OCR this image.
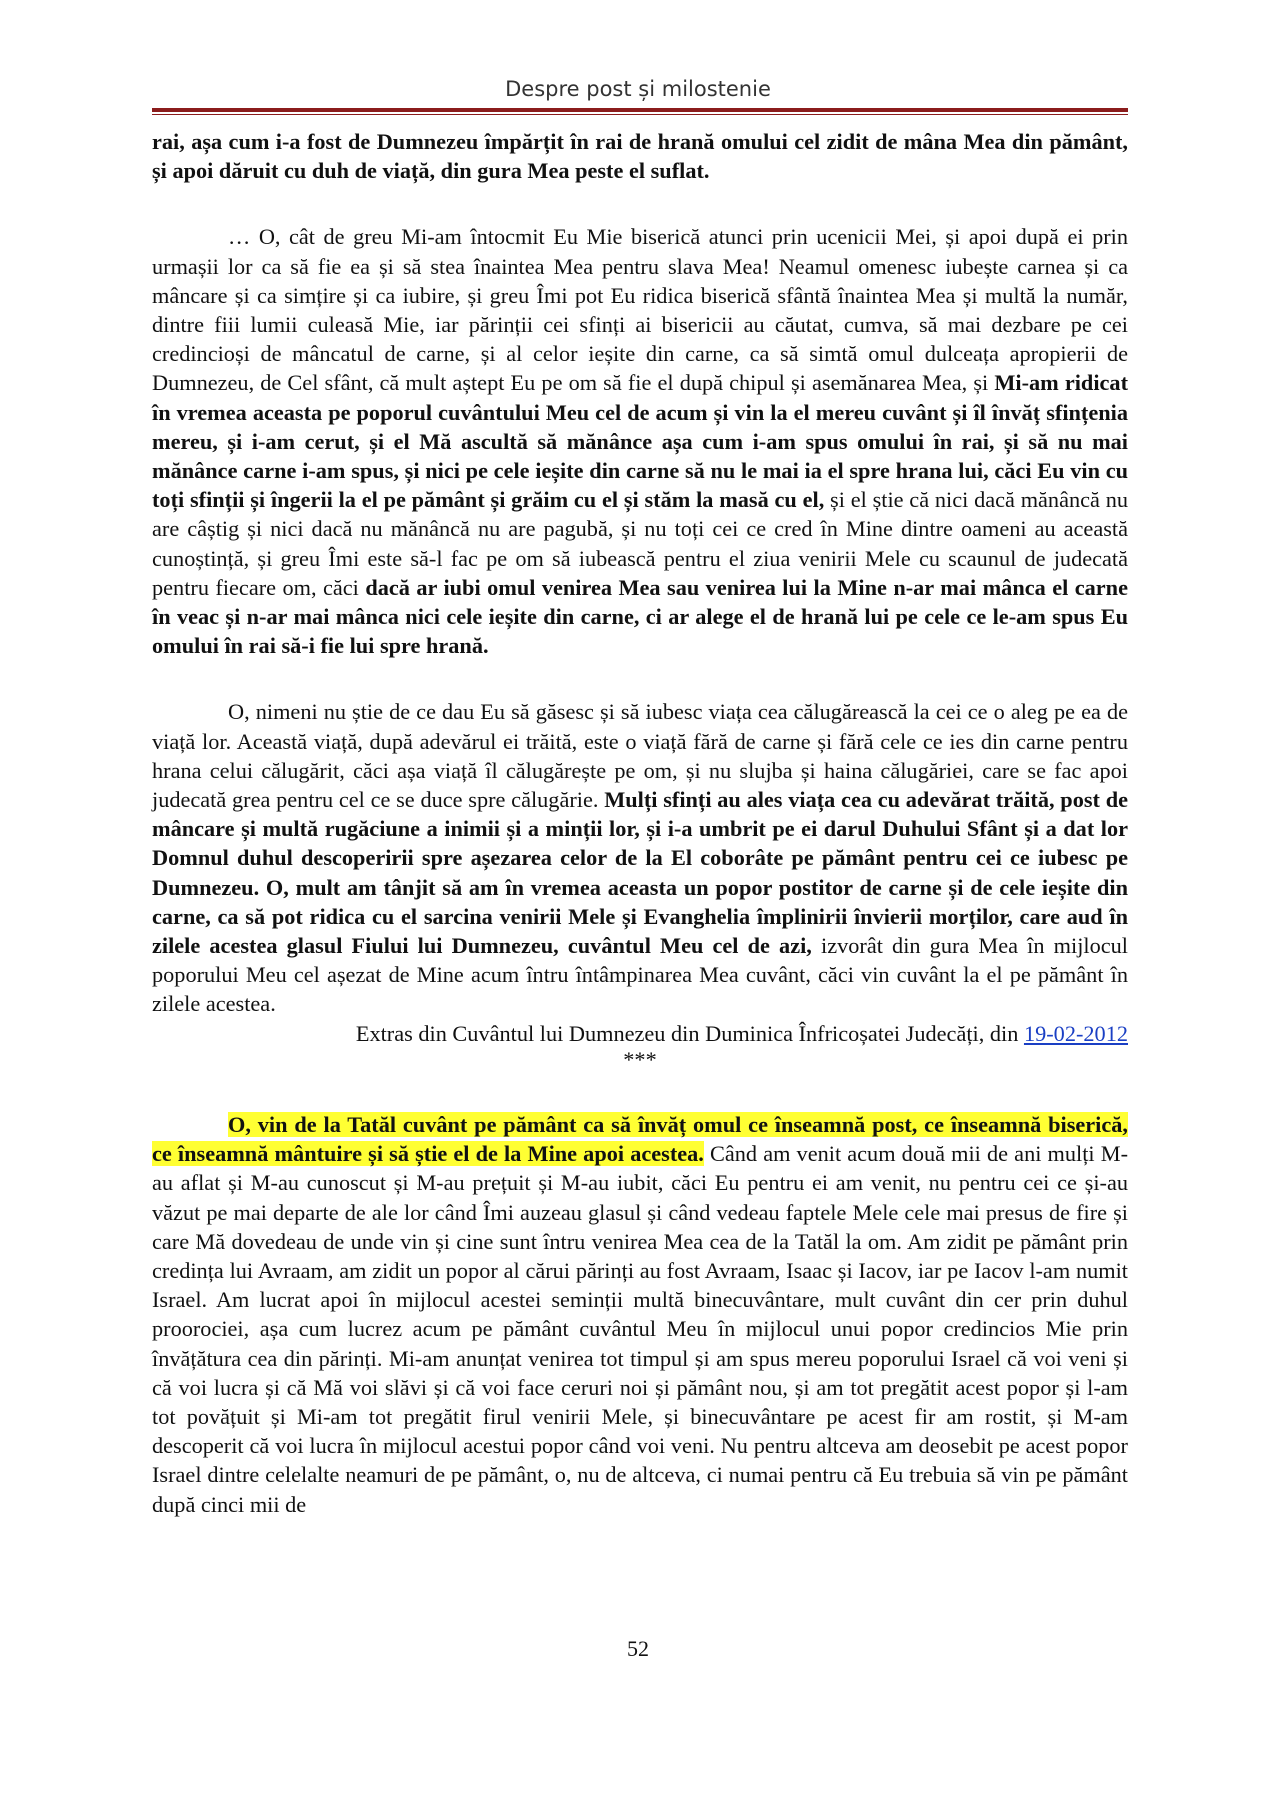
Despre post și milostenie

rai, așa cum i-a fost de Dumnezeu împărțit în rai de hrană omului cel zidit de mâna Mea din pământ, și apoi dăruit cu duh de viață, din gura Mea peste el suflat.

… O, cât de greu Mi-am întocmit Eu Mie biserică atunci prin ucenicii Mei, și apoi după ei prin urmașii lor ca să fie ea și să stea înaintea Mea pentru slava Mea! Neamul omenesc iubește carnea și ca mâncare și ca simțire și ca iubire, și greu Îmi pot Eu ridica biserică sfântă înaintea Mea și multă la număr, dintre fiii lumii culeasă Mie, iar părinții cei sfinți ai bisericii au căutat, cumva, să mai dezbare pe cei credincioși de mâncatul de carne, și al celor ieșite din carne, ca să simtă omul dulceața apropierii de Dumnezeu, de Cel sfânt, că mult aștept Eu pe om să fie el după chipul și asemănarea Mea, și Mi-am ridicat în vremea aceasta pe poporul cuvântului Meu cel de acum și vin la el mereu cuvânt și îl învăț sfințenia mereu, și i-am cerut, și el Mă ascultă să mănânce așa cum i-am spus omului în rai, și să nu mai mănânce carne i-am spus, și nici pe cele ieșite din carne să nu le mai ia el spre hrana lui, căci Eu vin cu toți sfinții și îngerii la el pe pământ și grăim cu el și stăm la masă cu el, și el știe că nici dacă mănâncă nu are câștig și nici dacă nu mănâncă nu are pagubă, și nu toți cei ce cred în Mine dintre oameni au această cunoștință, și greu Îmi este să-l fac pe om să iubească pentru el ziua venirii Mele cu scaunul de judecată pentru fiecare om, căci dacă ar iubi omul venirea Mea sau venirea lui la Mine n-ar mai mânca el carne în veac și n-ar mai mânca nici cele ieșite din carne, ci ar alege el de hrană lui pe cele ce le-am spus Eu omului în rai să-i fie lui spre hrană.

O, nimeni nu știe de ce dau Eu să găsesc și să iubesc viața cea călugărească la cei ce o aleg pe ea de viață lor. Această viață, după adevărul ei trăită, este o viață fără de carne și fără cele ce ies din carne pentru hrana celui călugărit, căci așa viață îl călugărește pe om, și nu slujba și haina călugăriei, care se fac apoi judecată grea pentru cel ce se duce spre călugărie. Mulți sfinți au ales viața cea cu adevărat trăită, post de mâncare și multă rugăciune a inimii și a minții lor, și i-a umbrit pe ei darul Duhului Sfânt și a dat lor Domnul duhul descoperirii spre așezarea celor de la El coborâte pe pământ pentru cei ce iubesc pe Dumnezeu. O, mult am tânjit să am în vremea aceasta un popor postitor de carne și de cele ieșite din carne, ca să pot ridica cu el sarcina venirii Mele și Evanghelia împlinirii învierii morților, care aud în zilele acestea glasul Fiului lui Dumnezeu, cuvântul Meu cel de azi, izvorât din gura Mea în mijlocul poporului Meu cel așezat de Mine acum întru întâmpinarea Mea cuvânt, căci vin cuvânt la el pe pământ în zilele acestea.

Extras din Cuvântul lui Dumnezeu din Duminica Înfricoșatei Judecăți, din 19-02-2012

***

O, vin de la Tatăl cuvânt pe pământ ca să învăț omul ce înseamnă post, ce înseamnă biserică, ce înseamnă mântuire și să știe el de la Mine apoi acestea. Când am venit acum două mii de ani mulți M-au aflat și M-au cunoscut și M-au prețuit și M-au iubit, căci Eu pentru ei am venit, nu pentru cei ce și-au văzut pe mai departe de ale lor când Îmi auzeau glasul și când vedeau faptele Mele cele mai presus de fire și care Mă dovedeau de unde vin și cine sunt întru venirea Mea cea de la Tatăl la om. Am zidit pe pământ prin credința lui Avraam, am zidit un popor al cărui părinți au fost Avraam, Isaac și Iacov, iar pe Iacov l-am numit Israel. Am lucrat apoi în mijlocul acestei seminții multă binecuvântare, mult cuvânt din cer prin duhul proorociei, așa cum lucrez acum pe pământ cuvântul Meu în mijlocul unui popor credincios Mie prin învățătura cea din părinți. Mi-am anunțat venirea tot timpul și am spus mereu poporului Israel că voi veni și că voi lucra și că Mă voi slăvi și că voi face ceruri noi și pământ nou, și am tot pregătit acest popor și l-am tot povățuit și Mi-am tot pregătit firul venirii Mele, și binecuvântare pe acest fir am rostit, și M-am descoperit că voi lucra în mijlocul acestui popor când voi veni. Nu pentru altceva am deosebit pe acest popor Israel dintre celelalte neamuri de pe pământ, o, nu de altceva, ci numai pentru că Eu trebuia să vin pe pământ după cinci mii de

52
